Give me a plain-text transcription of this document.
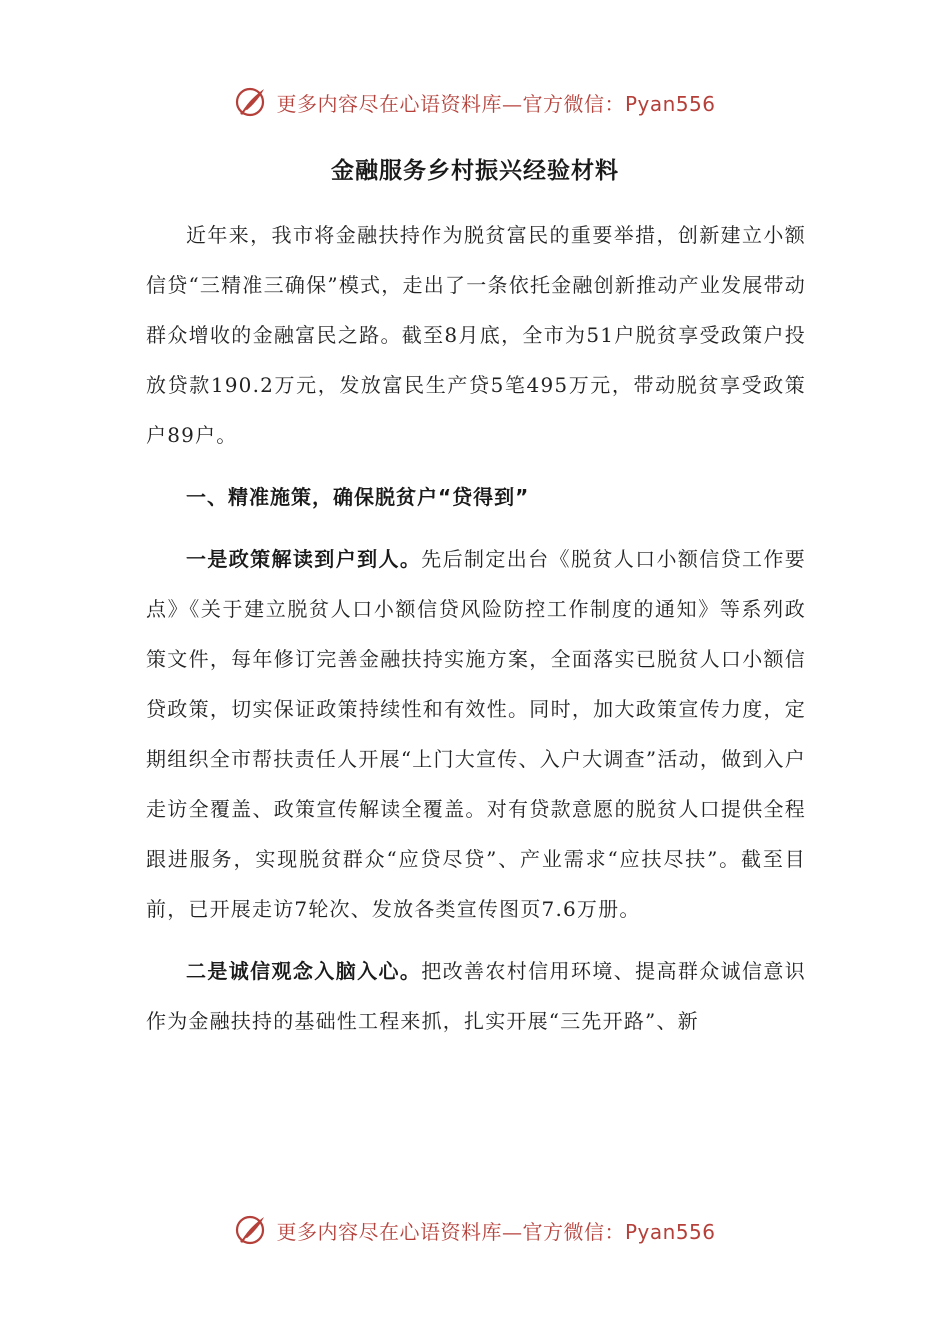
更多内容尽在心语资料库—官方微信：Pyan556
金融服务乡村振兴经验材料

近年来，我市将金融扶持作为脱贫富民的重要举措，创新建立小额信贷“三精准三确保”模式，走出了一条依托金融创新推动产业发展带动群众增收的金融富民之路。截至8月底，全市为51户脱贫享受政策户投放贷款190.2万元，发放富民生产贷5笔495万元，带动脱贫享受政策户89户。

一、精准施策，确保脱贫户“贷得到”

一是政策解读到户到人。先后制定出台《脱贫人口小额信贷工作要点》《关于建立脱贫人口小额信贷风险防控工作制度的通知》等系列政策文件，每年修订完善金融扶持实施方案，全面落实已脱贫人口小额信贷政策，切实保证政策持续性和有效性。同时，加大政策宣传力度，定期组织全市帮扶责任人开展“上门大宣传、入户大调查”活动，做到入户走访全覆盖、政策宣传解读全覆盖。对有贷款意愿的脱贫人口提供全程跟进服务，实现脱贫群众“应贷尽贷”、产业需求“应扶尽扶”。截至目前，已开展走访7轮次、发放各类宣传图页7.6万册。

二是诚信观念入脑入心。把改善农村信用环境、提高群众诚信意识作为金融扶持的基础性工程来抓，扎实开展“三先开路”、新

更多内容尽在心语资料库—官方微信：Pyan556
